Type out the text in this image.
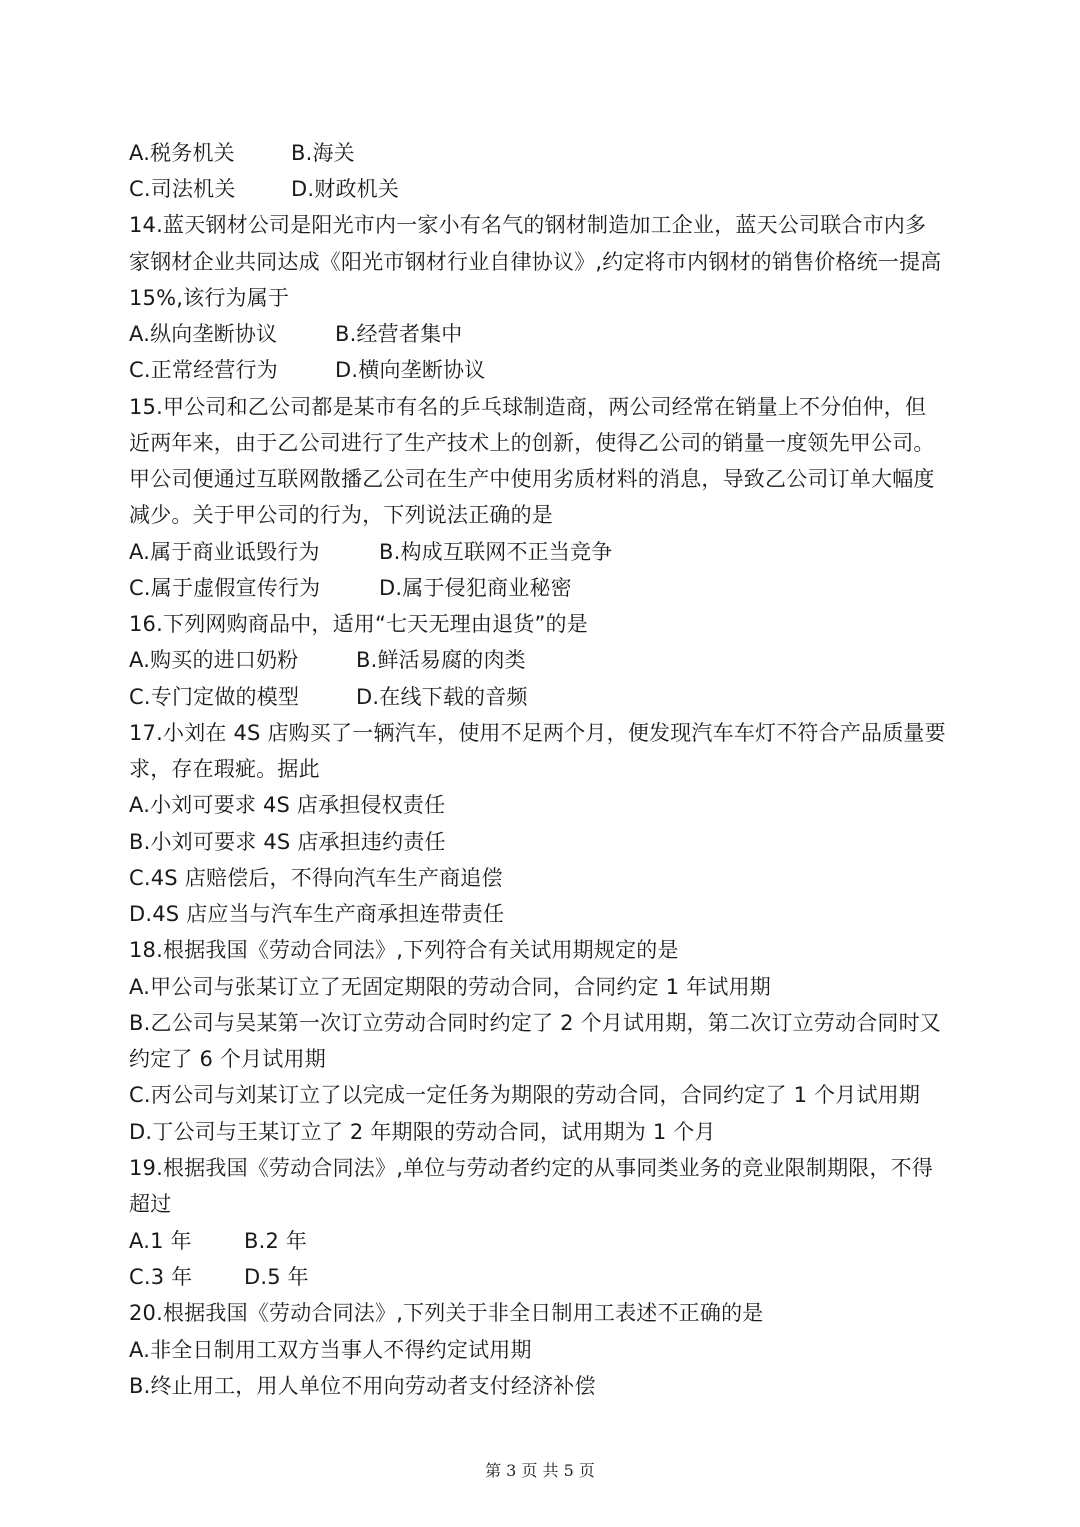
A.税务机关	B.海关
C.司法机关	D.财政机关
14.蓝天钢材公司是阳光市内一家小有名气的钢材制造加工企业，蓝天公司联合市内多
家钢材企业共同达成《阳光市钢材行业自律协议》,约定将市内钢材的销售价格统一提高
15%,该行为属于
A.纵向垄断协议	B.经营者集中
C.正常经营行为	D.横向垄断协议
15.甲公司和乙公司都是某市有名的乒乓球制造商，两公司经常在销量上不分伯仲，但
近两年来，由于乙公司进行了生产技术上的创新，使得乙公司的销量一度领先甲公司。
甲公司便通过互联网散播乙公司在生产中使用劣质材料的消息，导致乙公司订单大幅度
减少。关于甲公司的行为，下列说法正确的是
A.属于商业诋毁行为	B.构成互联网不正当竞争
C.属于虚假宣传行为	D.属于侵犯商业秘密
16.下列网购商品中，适用“七天无理由退货”的是
A.购买的进口奶粉	B.鲜活易腐的肉类
C.专门定做的模型	D.在线下载的音频
17.小刘在 4S 店购买了一辆汽车，使用不足两个月，便发现汽车车灯不符合产品质量要
求，存在瑕疵。据此
A.小刘可要求 4S 店承担侵权责任
B.小刘可要求 4S 店承担违约责任
C.4S 店赔偿后，不得向汽车生产商追偿
D.4S 店应当与汽车生产商承担连带责任
18.根据我国《劳动合同法》,下列符合有关试用期规定的是
A.甲公司与张某订立了无固定期限的劳动合同，合同约定 1 年试用期
B.乙公司与吴某第一次订立劳动合同时约定了 2 个月试用期，第二次订立劳动合同时又
约定了 6 个月试用期
C.丙公司与刘某订立了以完成一定任务为期限的劳动合同，合同约定了 1 个月试用期
D.丁公司与王某订立了 2 年期限的劳动合同，试用期为 1 个月
19.根据我国《劳动合同法》,单位与劳动者约定的从事同类业务的竞业限制期限，不得
超过
A.1 年 B.2 年
C.3 年 D.5 年
20.根据我国《劳动合同法》,下列关于非全日制用工表述不正确的是
A.非全日制用工双方当事人不得约定试用期
B.终止用工，用人单位不用向劳动者支付经济补偿
第 3 页 共 5 页
